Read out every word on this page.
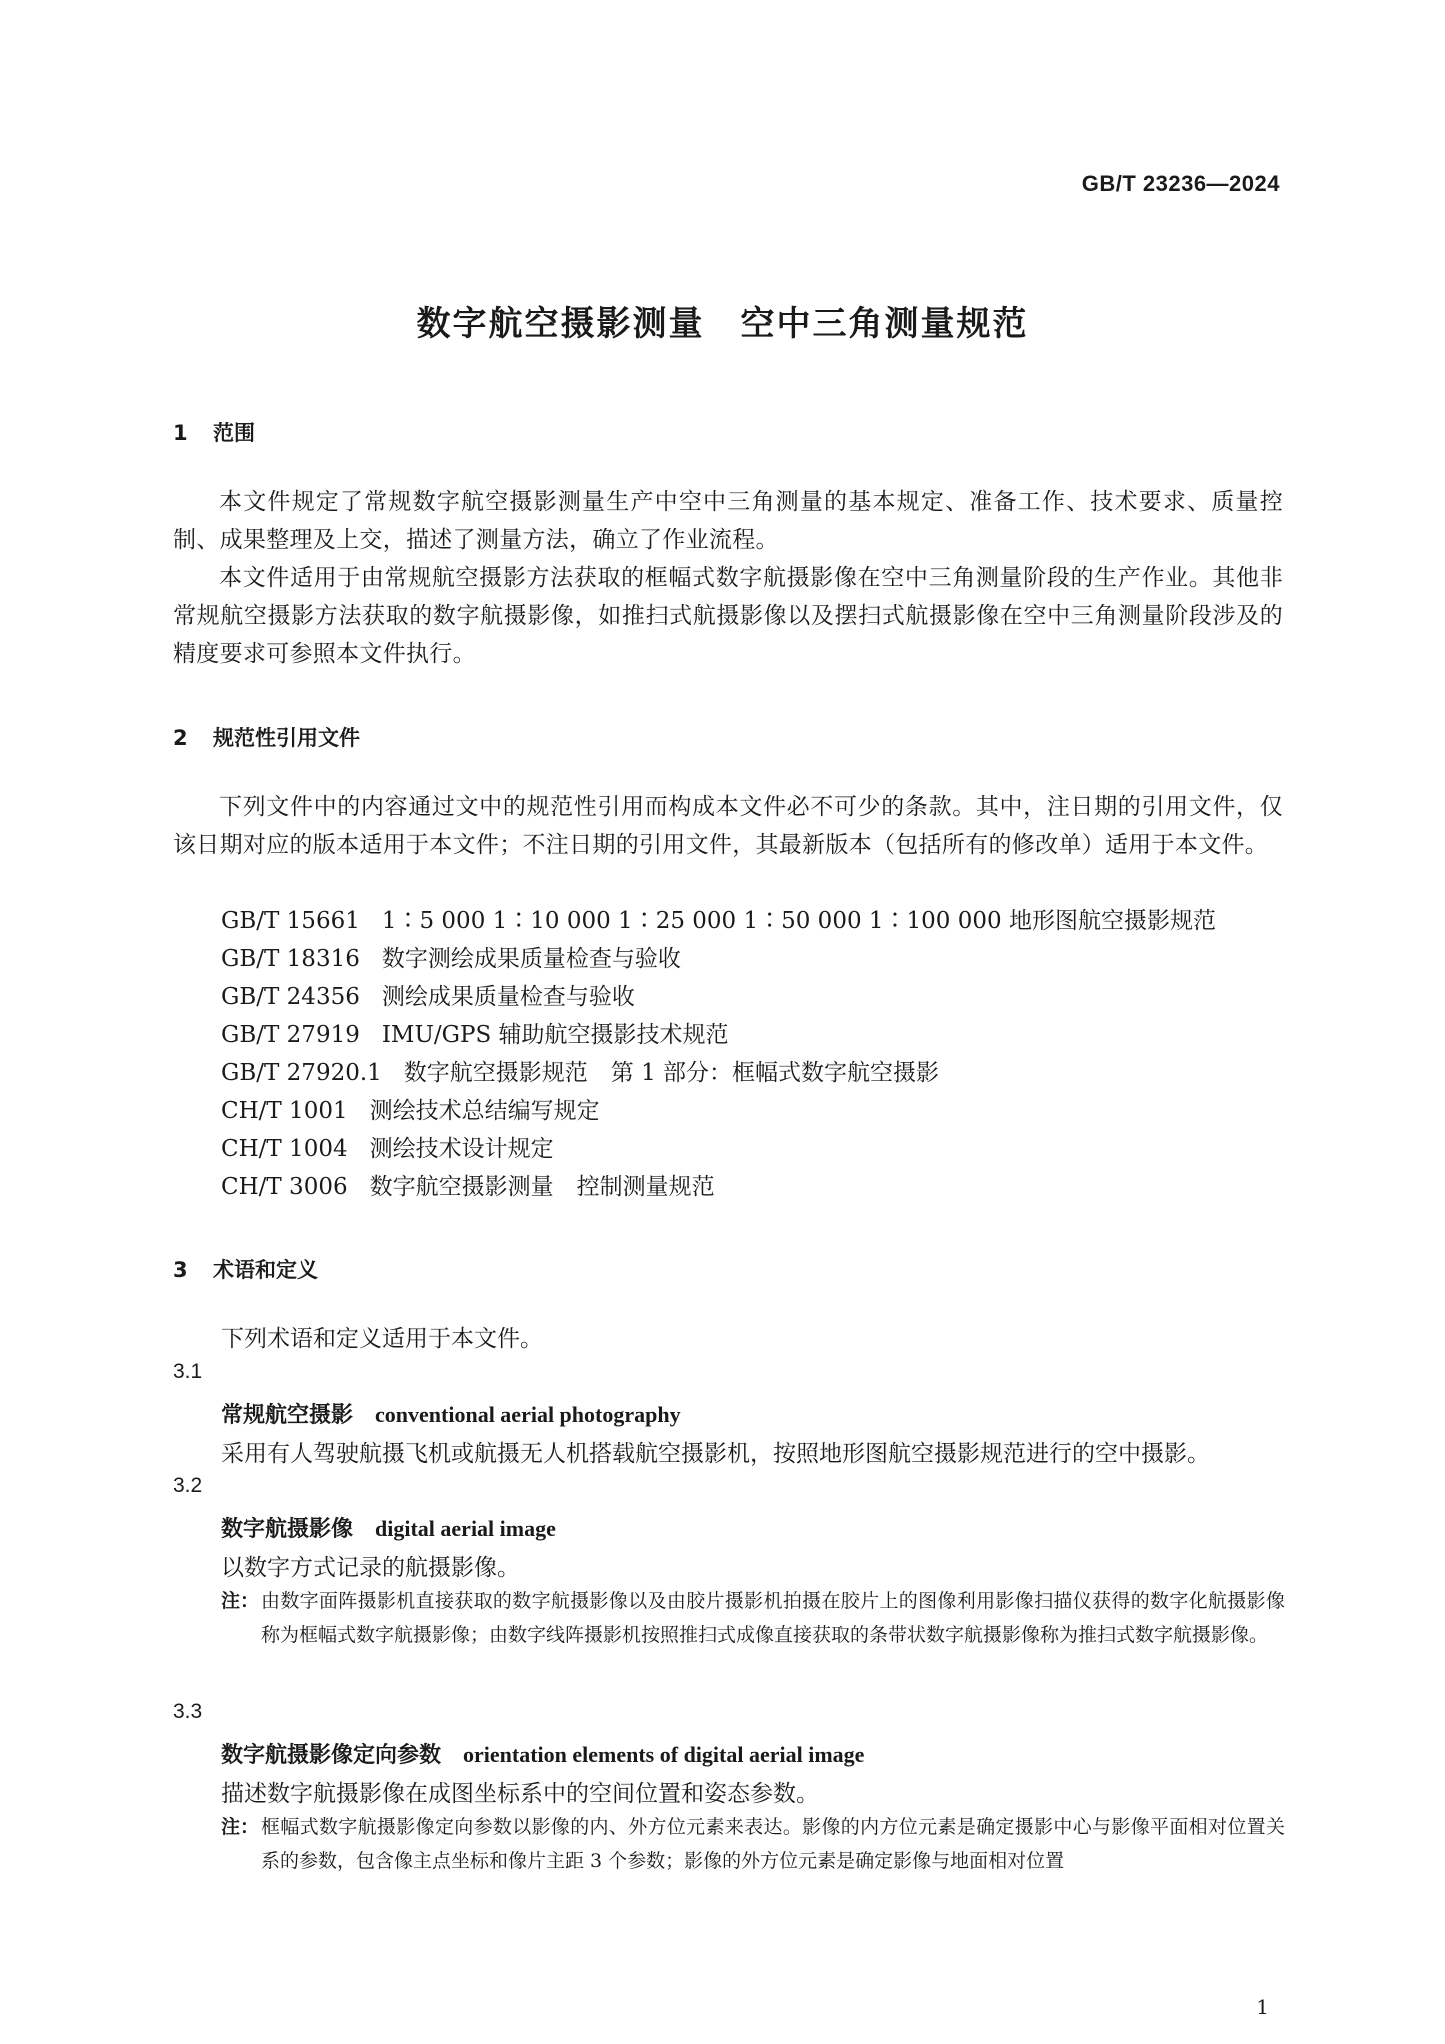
GB/T 23236—2024
数字航空摄影测量　空中三角测量规范
1 范围

本文件规定了常规数字航空摄影测量生产中空中三角测量的基本规定、准备工作、技术要求、质量控制、成果整理及上交，描述了测量方法，确立了作业流程。

本文件适用于由常规航空摄影方法获取的框幅式数字航摄影像在空中三角测量阶段的生产作业。其他非常规航空摄影方法获取的数字航摄影像，如推扫式航摄影像以及摆扫式航摄影像在空中三角测量阶段涉及的精度要求可参照本文件执行。

2 规范性引用文件

下列文件中的内容通过文中的规范性引用而构成本文件必不可少的条款。其中，注日期的引用文件，仅该日期对应的版本适用于本文件；不注日期的引用文件，其最新版本（包括所有的修改单）适用于本文件。

GB/T 15661 1∶5 000 1∶10 000 1∶25 000 1∶50 000 1∶100 000 地形图航空摄影规范
GB/T 18316 数字测绘成果质量检查与验收
GB/T 24356 测绘成果质量检查与验收
GB/T 27919 IMU/GPS 辅助航空摄影技术规范
GB/T 27920.1 数字航空摄影规范　第 1 部分：框幅式数字航空摄影
CH/T 1001 测绘技术总结编写规定
CH/T 1004 测绘技术设计规定
CH/T 3006 数字航空摄影测量　控制测量规范
3 术语和定义
下列术语和定义适用于本文件。
3.1
常规航空摄影 conventional aerial photography
采用有人驾驶航摄飞机或航摄无人机搭载航空摄影机，按照地形图航空摄影规范进行的空中摄影。
3.2
数字航摄影像 digital aerial image
以数字方式记录的航摄影像。
注： 由数字面阵摄影机直接获取的数字航摄影像以及由胶片摄影机拍摄在胶片上的图像利用影像扫描仪获得的数字化航摄影像称为框幅式数字航摄影像；由数字线阵摄影机按照推扫式成像直接获取的条带状数字航摄影像称为推扫式数字航摄影像。
3.3
数字航摄影像定向参数 orientation elements of digital aerial image
描述数字航摄影像在成图坐标系中的空间位置和姿态参数。
注： 框幅式数字航摄影像定向参数以影像的内、外方位元素来表达。影像的内方位元素是确定摄影中心与影像平面相对位置关系的参数，包含像主点坐标和像片主距 3 个参数；影像的外方位元素是确定影像与地面相对位置
1
